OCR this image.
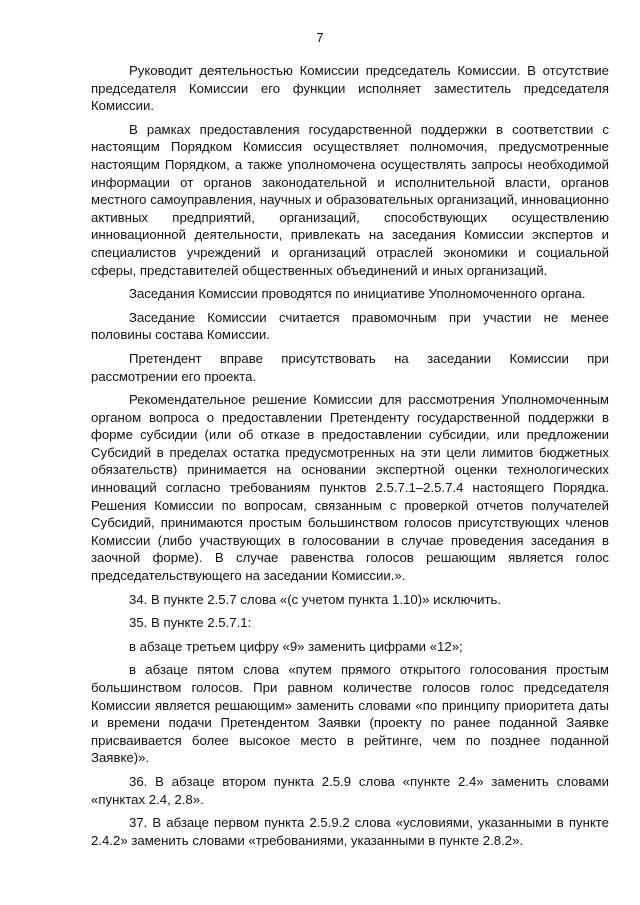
7

Руководит деятельностью Комиссии председатель Комиссии. В отсутствие председателя Комиссии его функции исполняет заместитель председателя Комиссии.

В рамках предоставления государственной поддержки в соответствии с настоящим Порядком Комиссия осуществляет полномочия, предусмотренные настоящим Порядком, а также уполномочена осуществлять запросы необходимой информации от органов законодательной и исполнительной власти, органов местного самоуправления, научных и образовательных организаций, инновационно активных предприятий, организаций, способствующих осуществлению инновационной деятельности, привлекать на заседания Комиссии экспертов и специалистов учреждений и организаций отраслей экономики и социальной сферы, представителей общественных объединений и иных организаций.

Заседания Комиссии проводятся по инициативе Уполномоченного органа.

Заседание Комиссии считается правомочным при участии не менее половины состава Комиссии.

Претендент вправе присутствовать на заседании Комиссии при рассмотрении его проекта.

Рекомендательное решение Комиссии для рассмотрения Уполномоченным органом вопроса о предоставлении Претенденту государственной поддержки в форме субсидии (или об отказе в предоставлении субсидии, или предложении Субсидий в пределах остатка предусмотренных на эти цели лимитов бюджетных обязательств) принимается на основании экспертной оценки технологических инноваций согласно требованиям пунктов 2.5.7.1–2.5.7.4 настоящего Порядка. Решения Комиссии по вопросам, связанным с проверкой отчетов получателей Субсидий, принимаются простым большинством голосов присутствующих членов Комиссии (либо участвующих в голосовании в случае проведения заседания в заочной форме). В случае равенства голосов решающим является голос председательствующего на заседании Комиссии.».

34. В пункте 2.5.7 слова «(с учетом пункта 1.10)» исключить.

35. В пункте 2.5.7.1:

в абзаце третьем цифру «9» заменить цифрами «12»;

в абзаце пятом слова «путем прямого открытого голосования простым большинством голосов. При равном количестве голосов голос председателя Комиссии является решающим» заменить словами «по принципу приоритета даты и времени подачи Претендентом Заявки (проекту по ранее поданной Заявке присваивается более высокое место в рейтинге, чем по позднее поданной Заявке)».

36. В абзаце втором пункта 2.5.9 слова «пункте 2.4» заменить словами «пунктах 2.4, 2.8».

37. В абзаце первом пункта 2.5.9.2 слова «условиями, указанными в пункте 2.4.2» заменить словами «требованиями, указанными в пункте 2.8.2».
